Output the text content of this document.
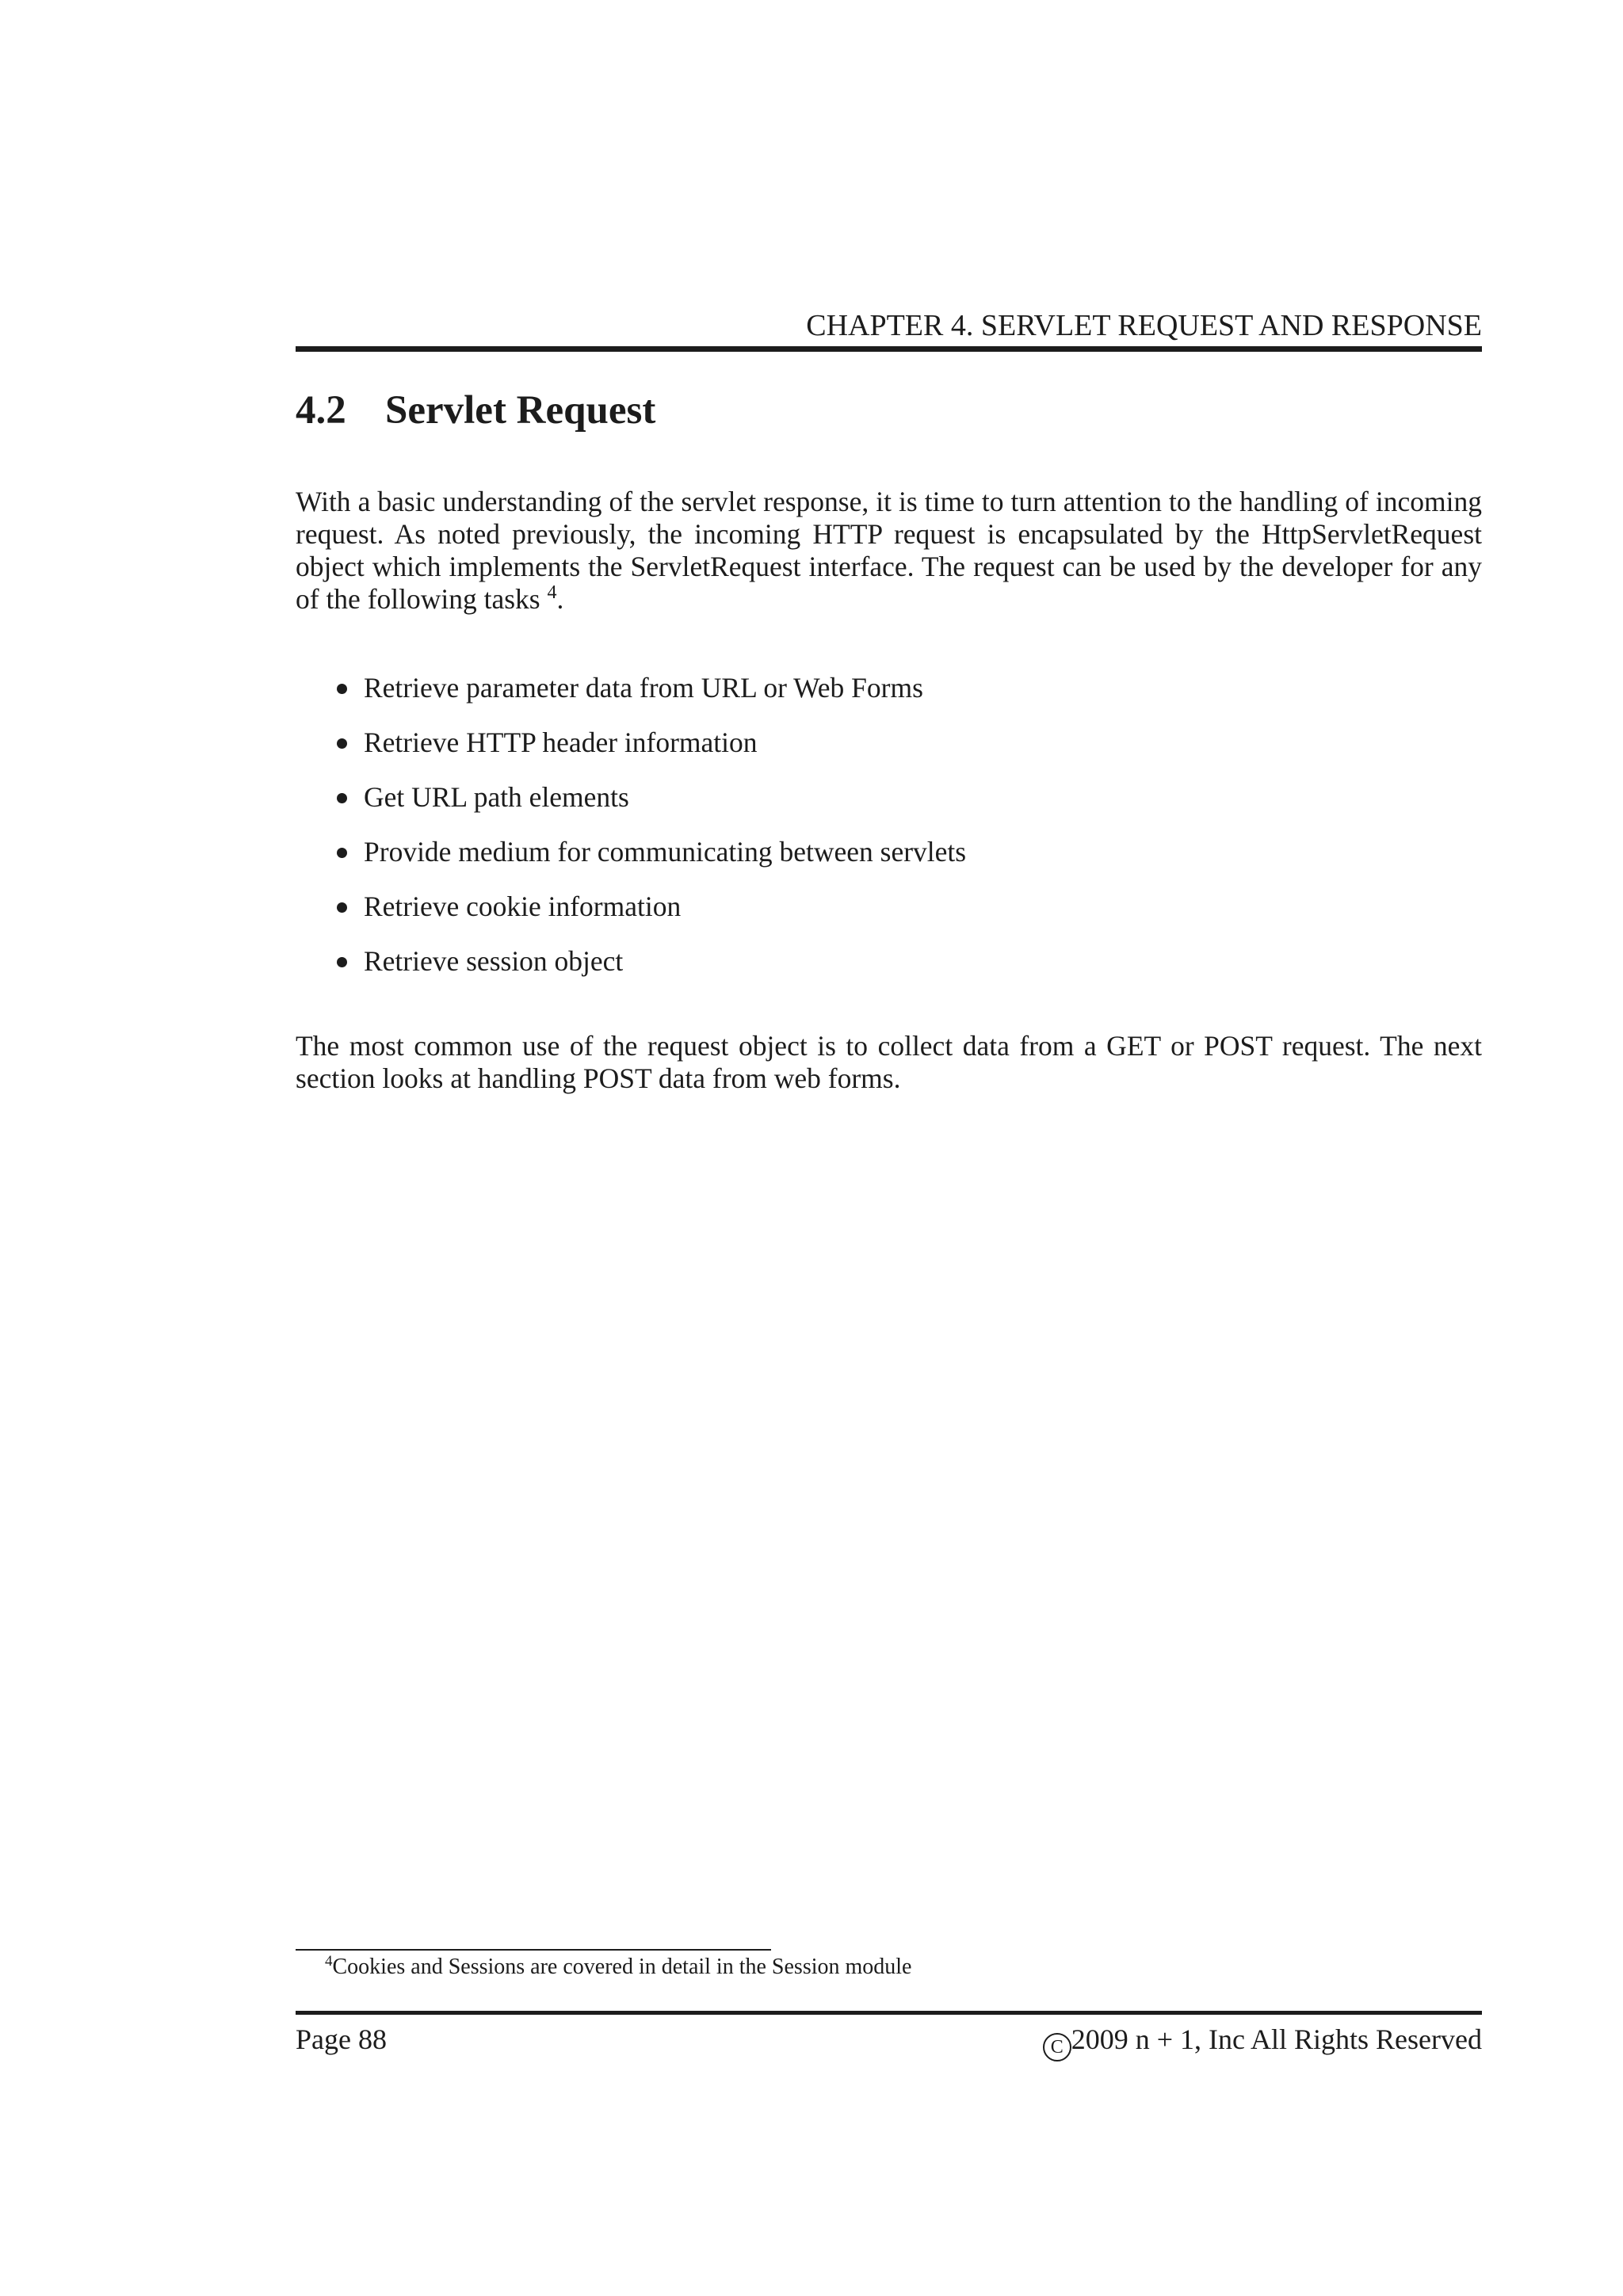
CHAPTER 4. SERVLET REQUEST AND RESPONSE
4.2 Servlet Request

With a basic understanding of the servlet response, it is time to turn attention to the handling of incoming request. As noted previously, the incoming HTTP request is encapsulated by the HttpServletRequest object which implements the ServletRequest interface. The request can be used by the developer for any of the following tasks $^4$.

Retrieve parameter data from URL or Web Forms
Retrieve HTTP header information
Get URL path elements
Provide medium for communicating between servlets
Retrieve cookie information
Retrieve session object

The most common use of the request object is to collect data from a GET or POST request. The next section looks at handling POST data from web forms.

$^4$Cookies and Sessions are covered in detail in the Session module
Page 88	C 2009 n + 1, Inc All Rights Reserved
